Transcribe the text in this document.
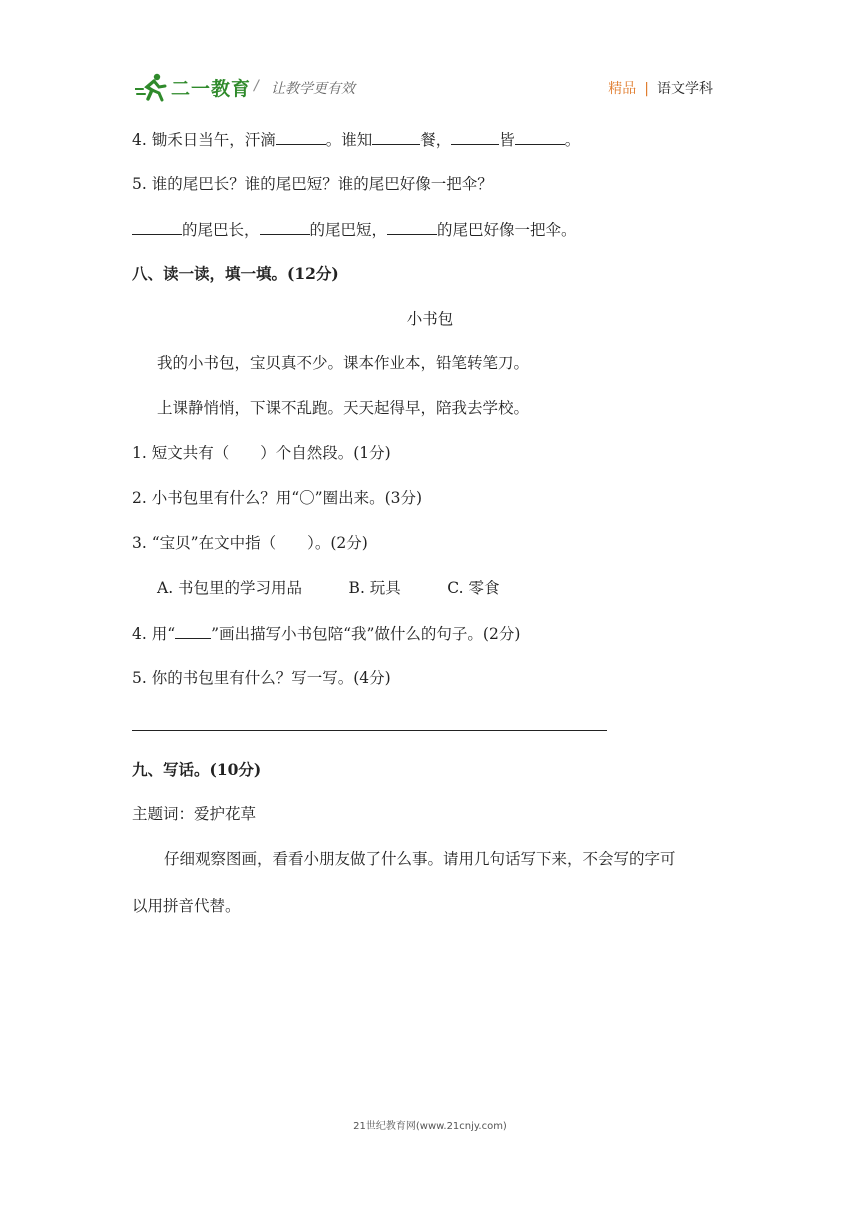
二一教育 / 让教学更有效	精品 | 语文学科
4. 锄禾日当午，汗滴	。谁知	餐，	皆	。
5. 谁的尾巴长？谁的尾巴短？谁的尾巴好像一把伞？
的尾巴长，	的尾巴短，	的尾巴好像一把伞。
八、读一读，填一填。(12分)
小书包
我的小书包，宝贝真不少。课本作业本，铅笔转笔刀。
上课静悄悄，下课不乱跑。天天起得早，陪我去学校。
1. 短文共有（　　）个自然段。(1分)
2. 小书包里有什么？用“〇”圈出来。(3分)
3. “宝贝”在文中指（　　）。(2分)
A. 书包里的学习用品　　　B. 玩具　　　C. 零食
4. 用“ ”画出描写小书包陪“我”做什么的句子。(2分)
5. 你的书包里有什么？写一写。(4分)
九、写话。(10分)
主题词：爱护花草
仔细观察图画，看看小朋友做了什么事。请用几句话写下来，不会写的字可
以用拼音代替。
21世纪教育网(www.21cnjy.com)
